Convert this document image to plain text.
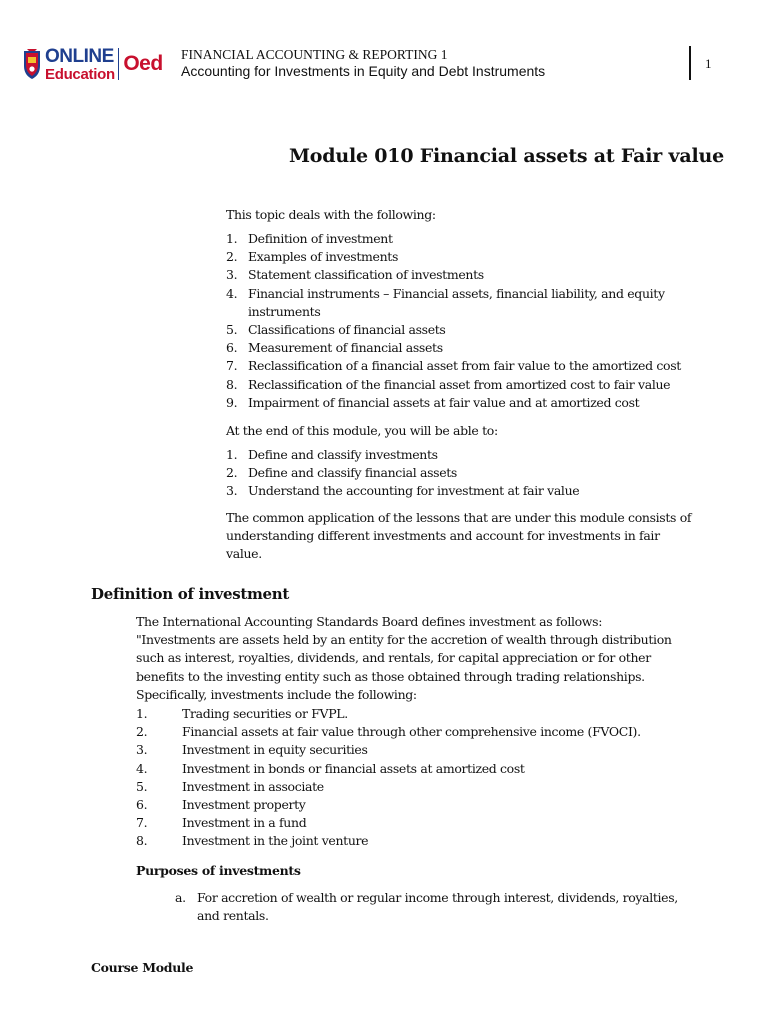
ONLINE
Education Oed FINANCIAL ACCOUNTING & REPORTING 1
Accounting for Investments in Equity and Debt Instruments	1
Module 010 Financial assets at Fair value
This topic deals with the following:
1. Definition of investment
2. Examples of investments
3. Statement classification of investments
4. Financial instruments – Financial assets, financial liability, and equity
instruments
5. Classifications of financial assets
6. Measurement of financial assets
7. Reclassification of a financial asset from fair value to the amortized cost
8. Reclassification of the financial asset from amortized cost to fair value
9. Impairment of financial assets at fair value and at amortized cost
At the end of this module, you will be able to:
1. Define and classify investments
2. Define and classify financial assets
3. Understand the accounting for investment at fair value
The common application of the lessons that are under this module consists of
understanding different investments and account for investments in fair
value.
Definition of investment
The International Accounting Standards Board defines investment as follows:
"Investments are assets held by an entity for the accretion of wealth through distribution
such as interest, royalties, dividends, and rentals, for capital appreciation or for other
benefits to the investing entity such as those obtained through trading relationships.
Specifically, investments include the following:
1.	Trading securities or FVPL.
2.	Financial assets at fair value through other comprehensive income (FVOCI).
3.	Investment in equity securities
4.	Investment in bonds or financial assets at amortized cost
5.	Investment in associate
6.	Investment property
7.	Investment in a fund
8.	Investment in the joint venture
Purposes of investments
a. For accretion of wealth or regular income through interest, dividends, royalties,
and rentals.
Course Module
